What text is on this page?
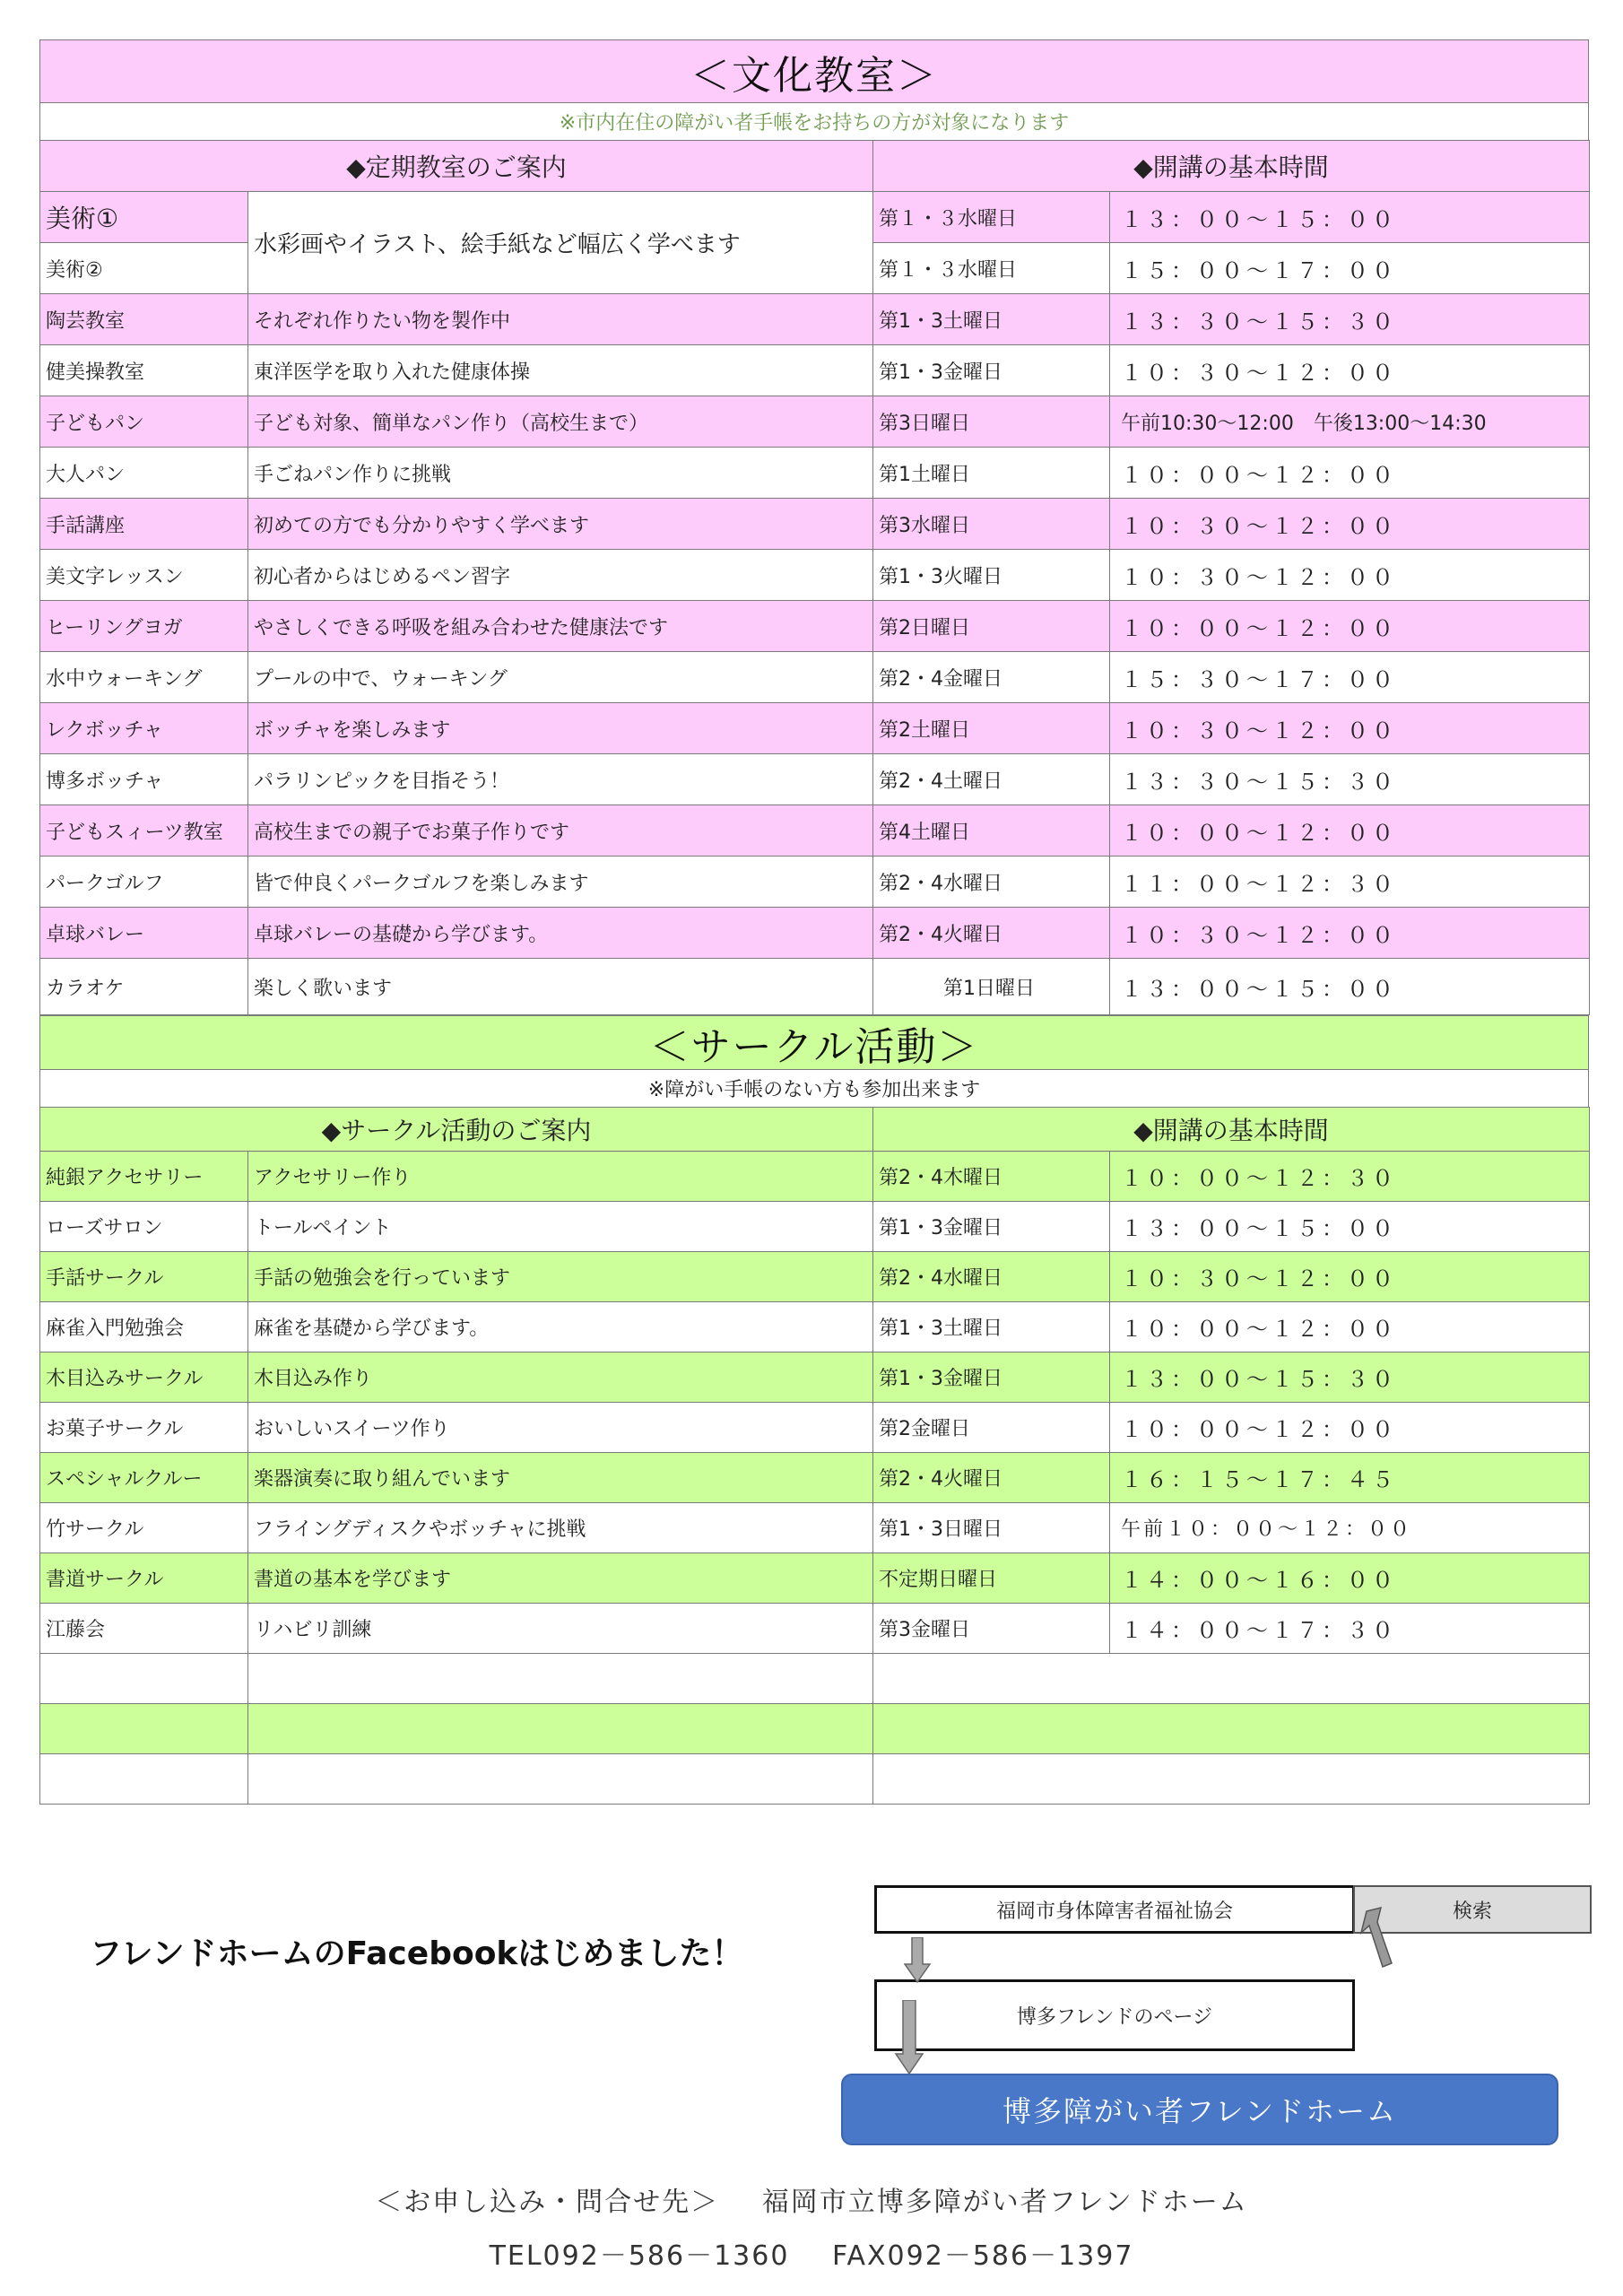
＜文化教室＞
※市内在住の障がい者手帳をお持ちの方が対象になります
◆定期教室のご案内		◆開講の基本時間	
美術①	水彩画やイラスト、絵手紙など幅広く学べます	第１・３水曜日	１３：００〜１５：００
美術②		第１・３水曜日	１５：００〜１７：００
陶芸教室	それぞれ作りたい物を製作中	第1・3土曜日	１３：３０〜１５：３０
健美操教室	東洋医学を取り入れた健康体操	第1・3金曜日	１０：３０〜１２：００
子どもパン	子ども対象、簡単なパン作り（高校生まで）	第3日曜日	午前10:30〜12:00　午後13:00〜14:30
大人パン	手ごねパン作りに挑戦	第1土曜日	１０：００〜１２：００
手話講座	初めての方でも分かりやすく学べます	第3水曜日	１０：３０〜１２：００
美文字レッスン	初心者からはじめるペン習字	第1・3火曜日	１０：３０〜１２：００
ヒーリングヨガ	やさしくできる呼吸を組み合わせた健康法です	第2日曜日	１０：００〜１２：００
水中ウォーキング	プールの中で、ウォーキング	第2・4金曜日	１５：３０〜１７：００
レクボッチャ	ボッチャを楽しみます	第2土曜日	１０：３０〜１２：００
博多ボッチャ	パラリンピックを目指そう！	第2・4土曜日	１３：３０〜１５：３０
子どもスィーツ教室	高校生までの親子でお菓子作りです	第4土曜日	１０：００〜１２：００
パークゴルフ	皆で仲良くパークゴルフを楽しみます	第2・4水曜日	１１：００〜１２：３０
卓球バレー	卓球バレーの基礎から学びます。	第2・4火曜日	１０：３０〜１２：００
カラオケ	楽しく歌います	第1日曜日	１３：００〜１５：００
＜サークル活動＞
※障がい手帳のない方も参加出来ます
◆サークル活動のご案内		◆開講の基本時間	
純銀アクセサリー	アクセサリー作り	第2・4木曜日	１０：００〜１２：３０
ローズサロン	トールペイント	第1・3金曜日	１３：００〜１５：００
手話サークル	手話の勉強会を行っています	第2・4水曜日	１０：３０〜１２：００
麻雀入門勉強会	麻雀を基礎から学びます。	第1・3土曜日	１０：００〜１２：００
木目込みサークル	木目込み作り	第1・3金曜日	１３：００〜１５：３０
お菓子サークル	おいしいスイーツ作り	第2金曜日	１０：００〜１２：００
スペシャルクルー	楽器演奏に取り組んでいます	第2・4火曜日	１６：１５〜１７：４５
竹サークル	フライングディスクやボッチャに挑戦	第1・3日曜日	午前１０：００〜１２：００
書道サークル	書道の基本を学びます	不定期日曜日	１４：００〜１６：００
江藤会	リハビリ訓練	第3金曜日	１４：００〜１７：３０

フレンドホームのFacebookはじめました！
福岡市身体障害者福祉協会	検索
博多フレンドのページ
博多障がい者フレンドホーム
＜お申し込み・問合せ先＞ 福岡市立博多障がい者フレンドホーム
TEL092－586－1360 FAX092－586－1397
